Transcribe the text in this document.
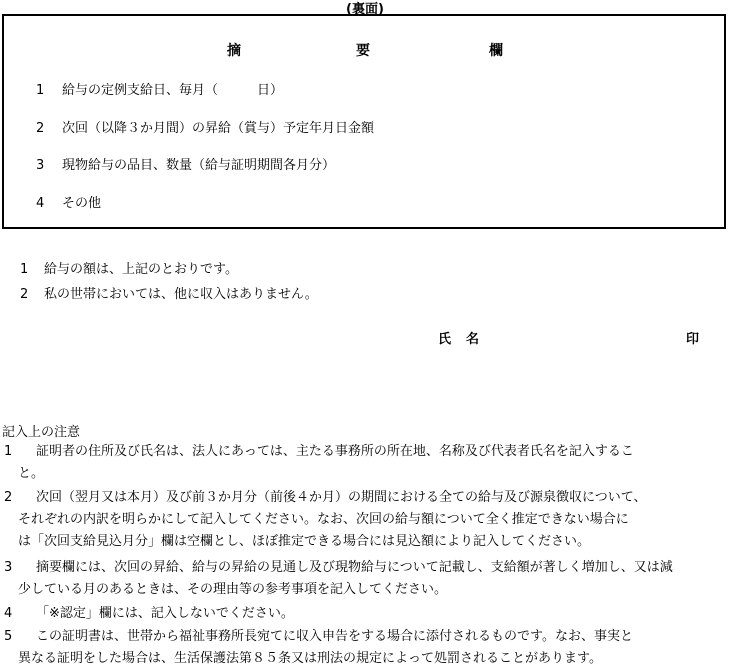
(裏面)
摘	要	欄
1 給与の定例支給日、毎月（　　　日）
2 次回（以降３か月間）の昇給（賞与）予定年月日金額
3 現物給与の品目、数量（給与証明期間各月分）
4 その他
1 給与の額は、上記のとおりです。
2 私の世帯においては、他に収入はありません。
氏 名	印
記入上の注意
1 証明者の住所及び氏名は、法人にあっては、主たる事務所の所在地、名称及び代表者氏名を記入するこ
と。
2 次回（翌月又は本月）及び前３か月分（前後４か月）の期間における全ての給与及び源泉徴収について、
それぞれの内訳を明らかにして記入してください。なお、次回の給与額について全く推定できない場合に
は「次回支給見込月分」欄は空欄とし、ほぼ推定できる場合には見込額により記入してください。
3 摘要欄には、次回の昇給、給与の昇給の見通し及び現物給与について記載し、支給額が著しく増加し、又は減
少している月のあるときは、その理由等の参考事項を記入してください。
4 「※認定」欄には、記入しないでください。
5 この証明書は、世帯から福祉事務所長宛てに収入申告をする場合に添付されるものです。なお、事実と
異なる証明をした場合は、生活保護法第８５条又は刑法の規定によって処罰されることがあります。
